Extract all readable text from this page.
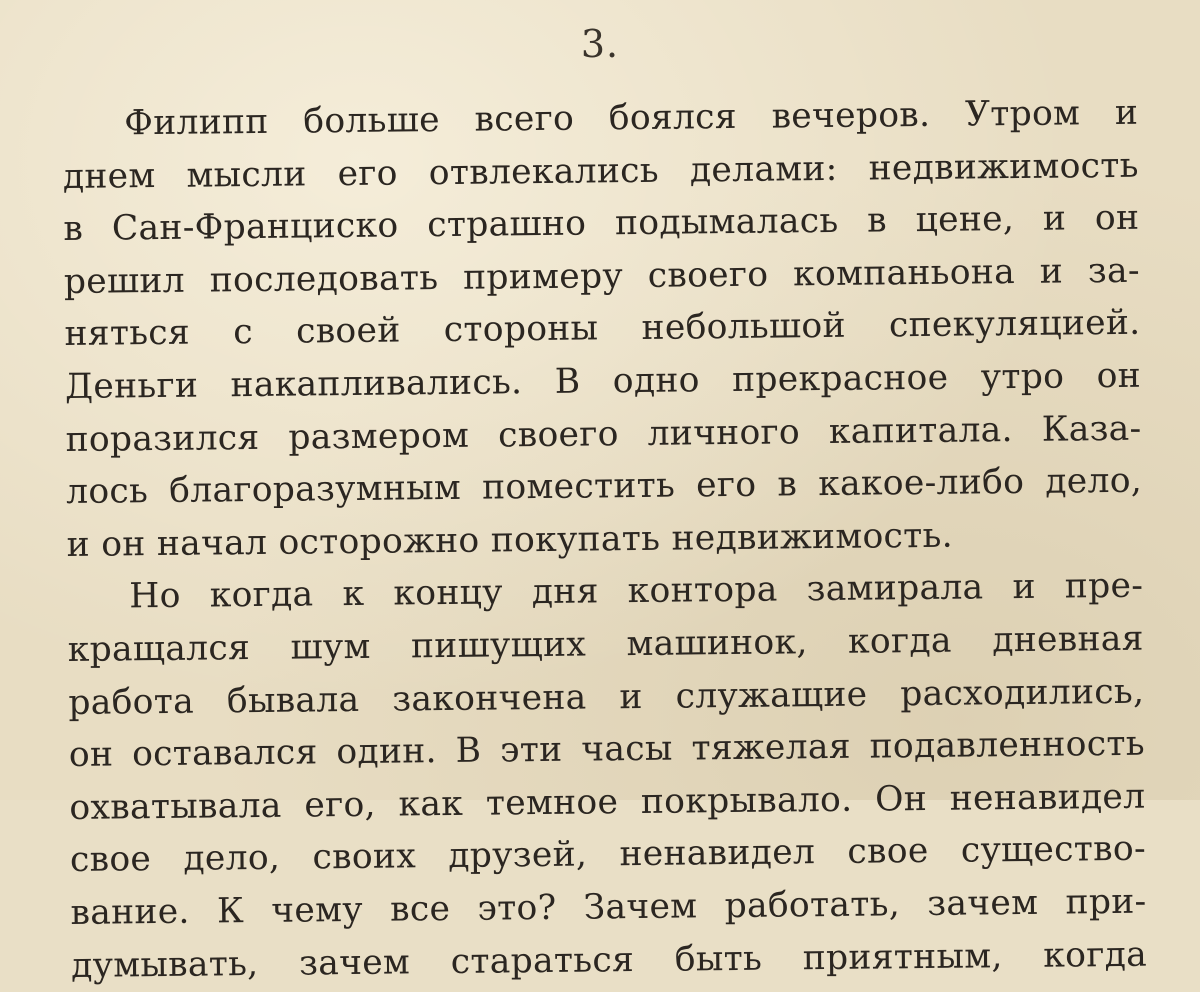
3.
Филипп больше всего боялся вечеров. Утром и
днем мысли его отвлекались делами: недвижимость
в Сан-Франциско страшно подымалась в цене, и он
решил последовать примеру своего компаньона и за-
няться с своей стороны небольшой спекуляцией.
Деньги накапливались. В одно прекрасное утро он
поразился размером своего личного капитала. Каза-
лось благоразумным поместить его в какое-либо дело,
и он начал осторожно покупать недвижимость.
Но когда к концу дня контора замирала и пре-
кращался шум пишущих машинок, когда дневная
работа бывала закончена и служащие расходились,
он оставался один. В эти часы тяжелая подавленность
охватывала его, как темное покрывало. Он ненавидел
свое дело, своих друзей, ненавидел свое существо-
вание. К чему все это? Зачем работать, зачем при-
думывать, зачем стараться быть приятным, когда
